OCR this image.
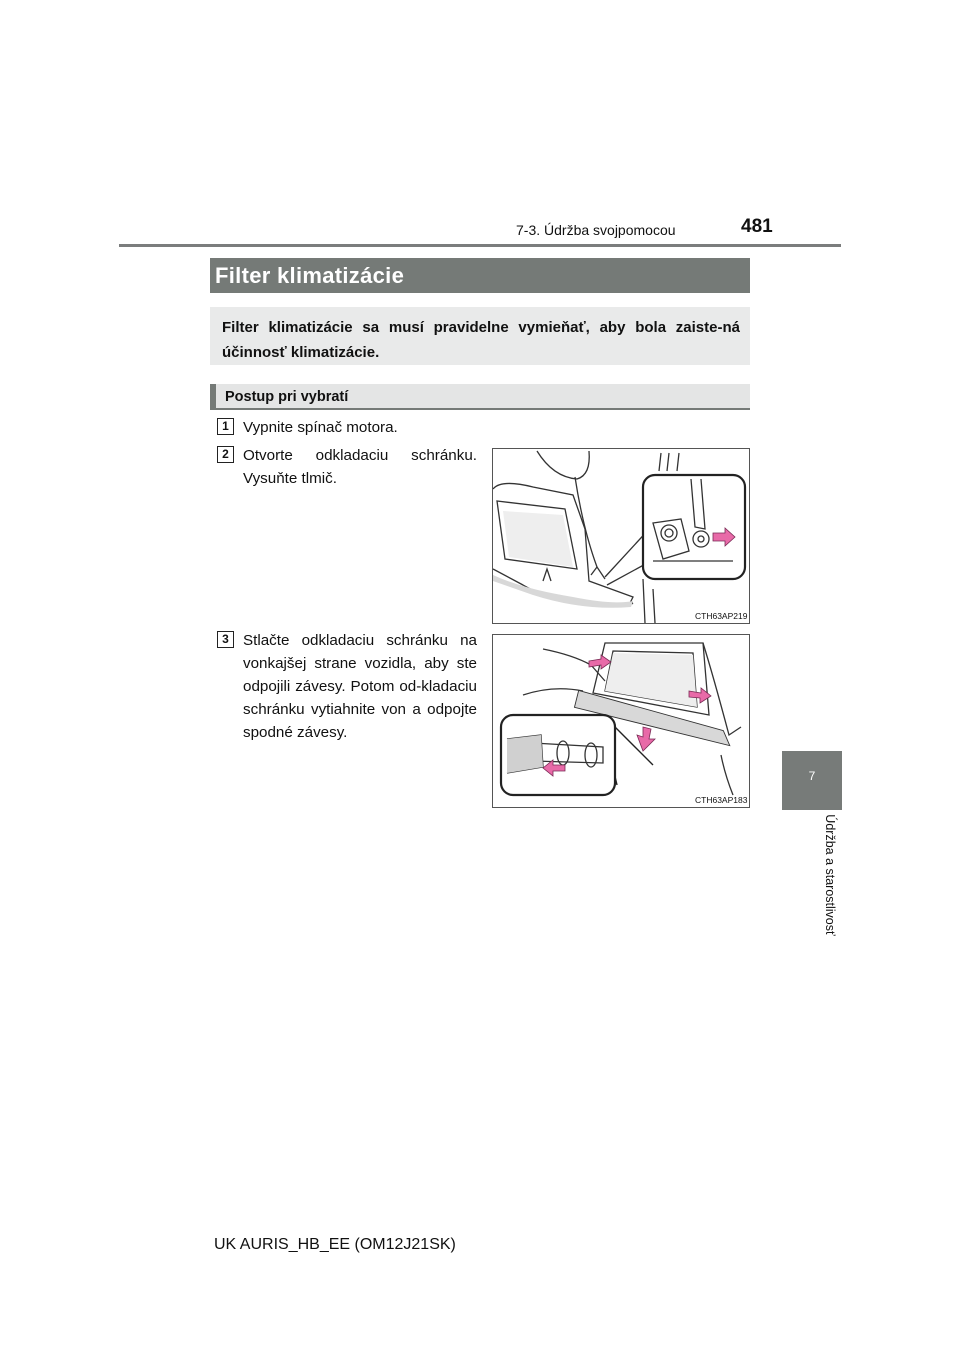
7-3. Údržba svojpomocou	481
7
Údržba a starostlivosť
Filter klimatizácie
Filter klimatizácie sa musí pravidelne vymieňať, aby bola zaiste-ná účinnosť klimatizácie.
Postup pri vybratí
1 Vypnite spínač motora.
2 Otvorte odkladaciu schránku. Vysuňte tlmič.
CTH63AP219
3 Stlačte odkladaciu schránku na vonkajšej strane vozidla, aby ste odpojili závesy. Potom od-kladaciu schránku vytiahnite von a odpojte spodné závesy.
CTH63AP183
UK AURIS_HB_EE (OM12J21SK)
